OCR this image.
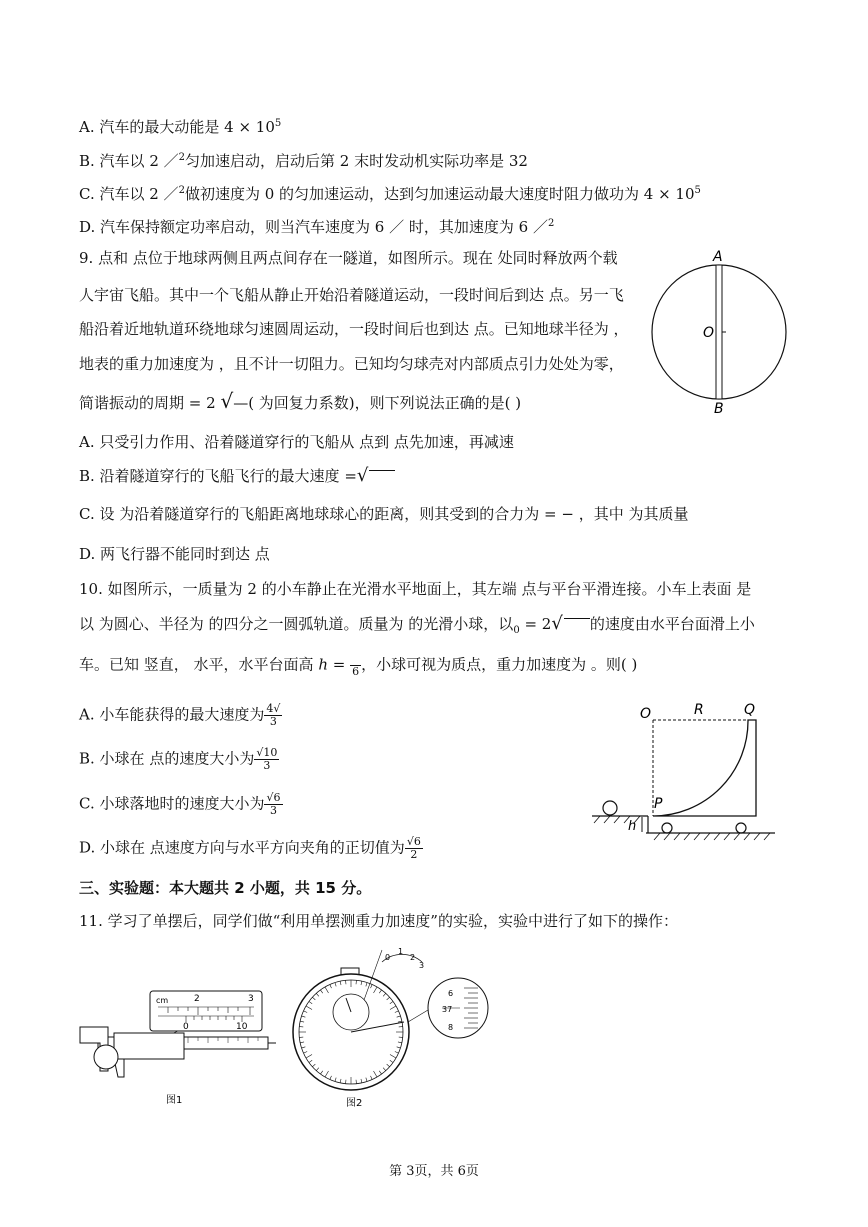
A. 汽车的最大动能是 $4 \times 10^5$
B. 汽车以 2 ／$^2$匀加速启动，启动后第 2 末时发动机实际功率是 32
C. 汽车以 2 ／$^2$做初速度为 0 的匀加速运动，达到匀加速运动最大速度时阻力做功为 $4 \times 10^5$
D. 汽车保持额定功率启动，则当汽车速度为 6 ／ 时，其加速度为 6 ／$^2$
9. 点和 点位于地球两侧且两点间存在一隧道，如图所示。现在 处同时释放两个载
人宇宙飞船。其中一个飞船从静止开始沿着隧道运动，一段时间后到达 点。另一飞
船沿着近地轨道环绕地球匀速圆周运动，一段时间后也到达 点。已知地球半径为 ，
地表的重力加速度为 ，且不计一切阻力。已知均匀球壳对内部质点引力处处为零，
简谐振动的周期 = 2 √—( 为回复力系数)，则下列说法正确的是( )
A. 只受引力作用、沿着隧道穿行的飞船从 点到 点先加速，再减速
B. 沿着隧道穿行的飞船飞行的最大速度 =√
C. 设 为沿着隧道穿行的飞船距离地球球心的距离，则其受到的合力为 = − ，其中 为其质量
D. 两飞行器不能同时到达 点
A
O
B
10. 如图所示，一质量为 2 的小车静止在光滑水平地面上，其左端 点与平台平滑连接。小车上表面 是
以 为圆心、半径为 的四分之一圆弧轨道。质量为 的光滑小球，以$_0$ = 2√ 的速度由水平台面滑上小
车。已知 竖直， 水平，水平台面高 h =
6 ，小球可视为质点，重力加速度为 。则( )
A. 小车能获得的最大速度为 $\frac{4√}{3}$
B. 小球在 点的速度大小为 $\frac{√10}{3}$
C. 小球落地时的速度大小为 $\frac{√6}{3}$
D. 小球在 点速度方向与水平方向夹角的正切值为 $\frac{√6}{2}$
O	R	Q
P
h
三、实验题：本大题共 2 小题，共 15 分。
11. 学习了单摆后，同学们做“利用单摆测重力加速度”的实验，实验中进行了如下的操作：
cm	2	3
0	10
图1
0
1
2
3
6
37
8
图2
第 3页，共 6页
